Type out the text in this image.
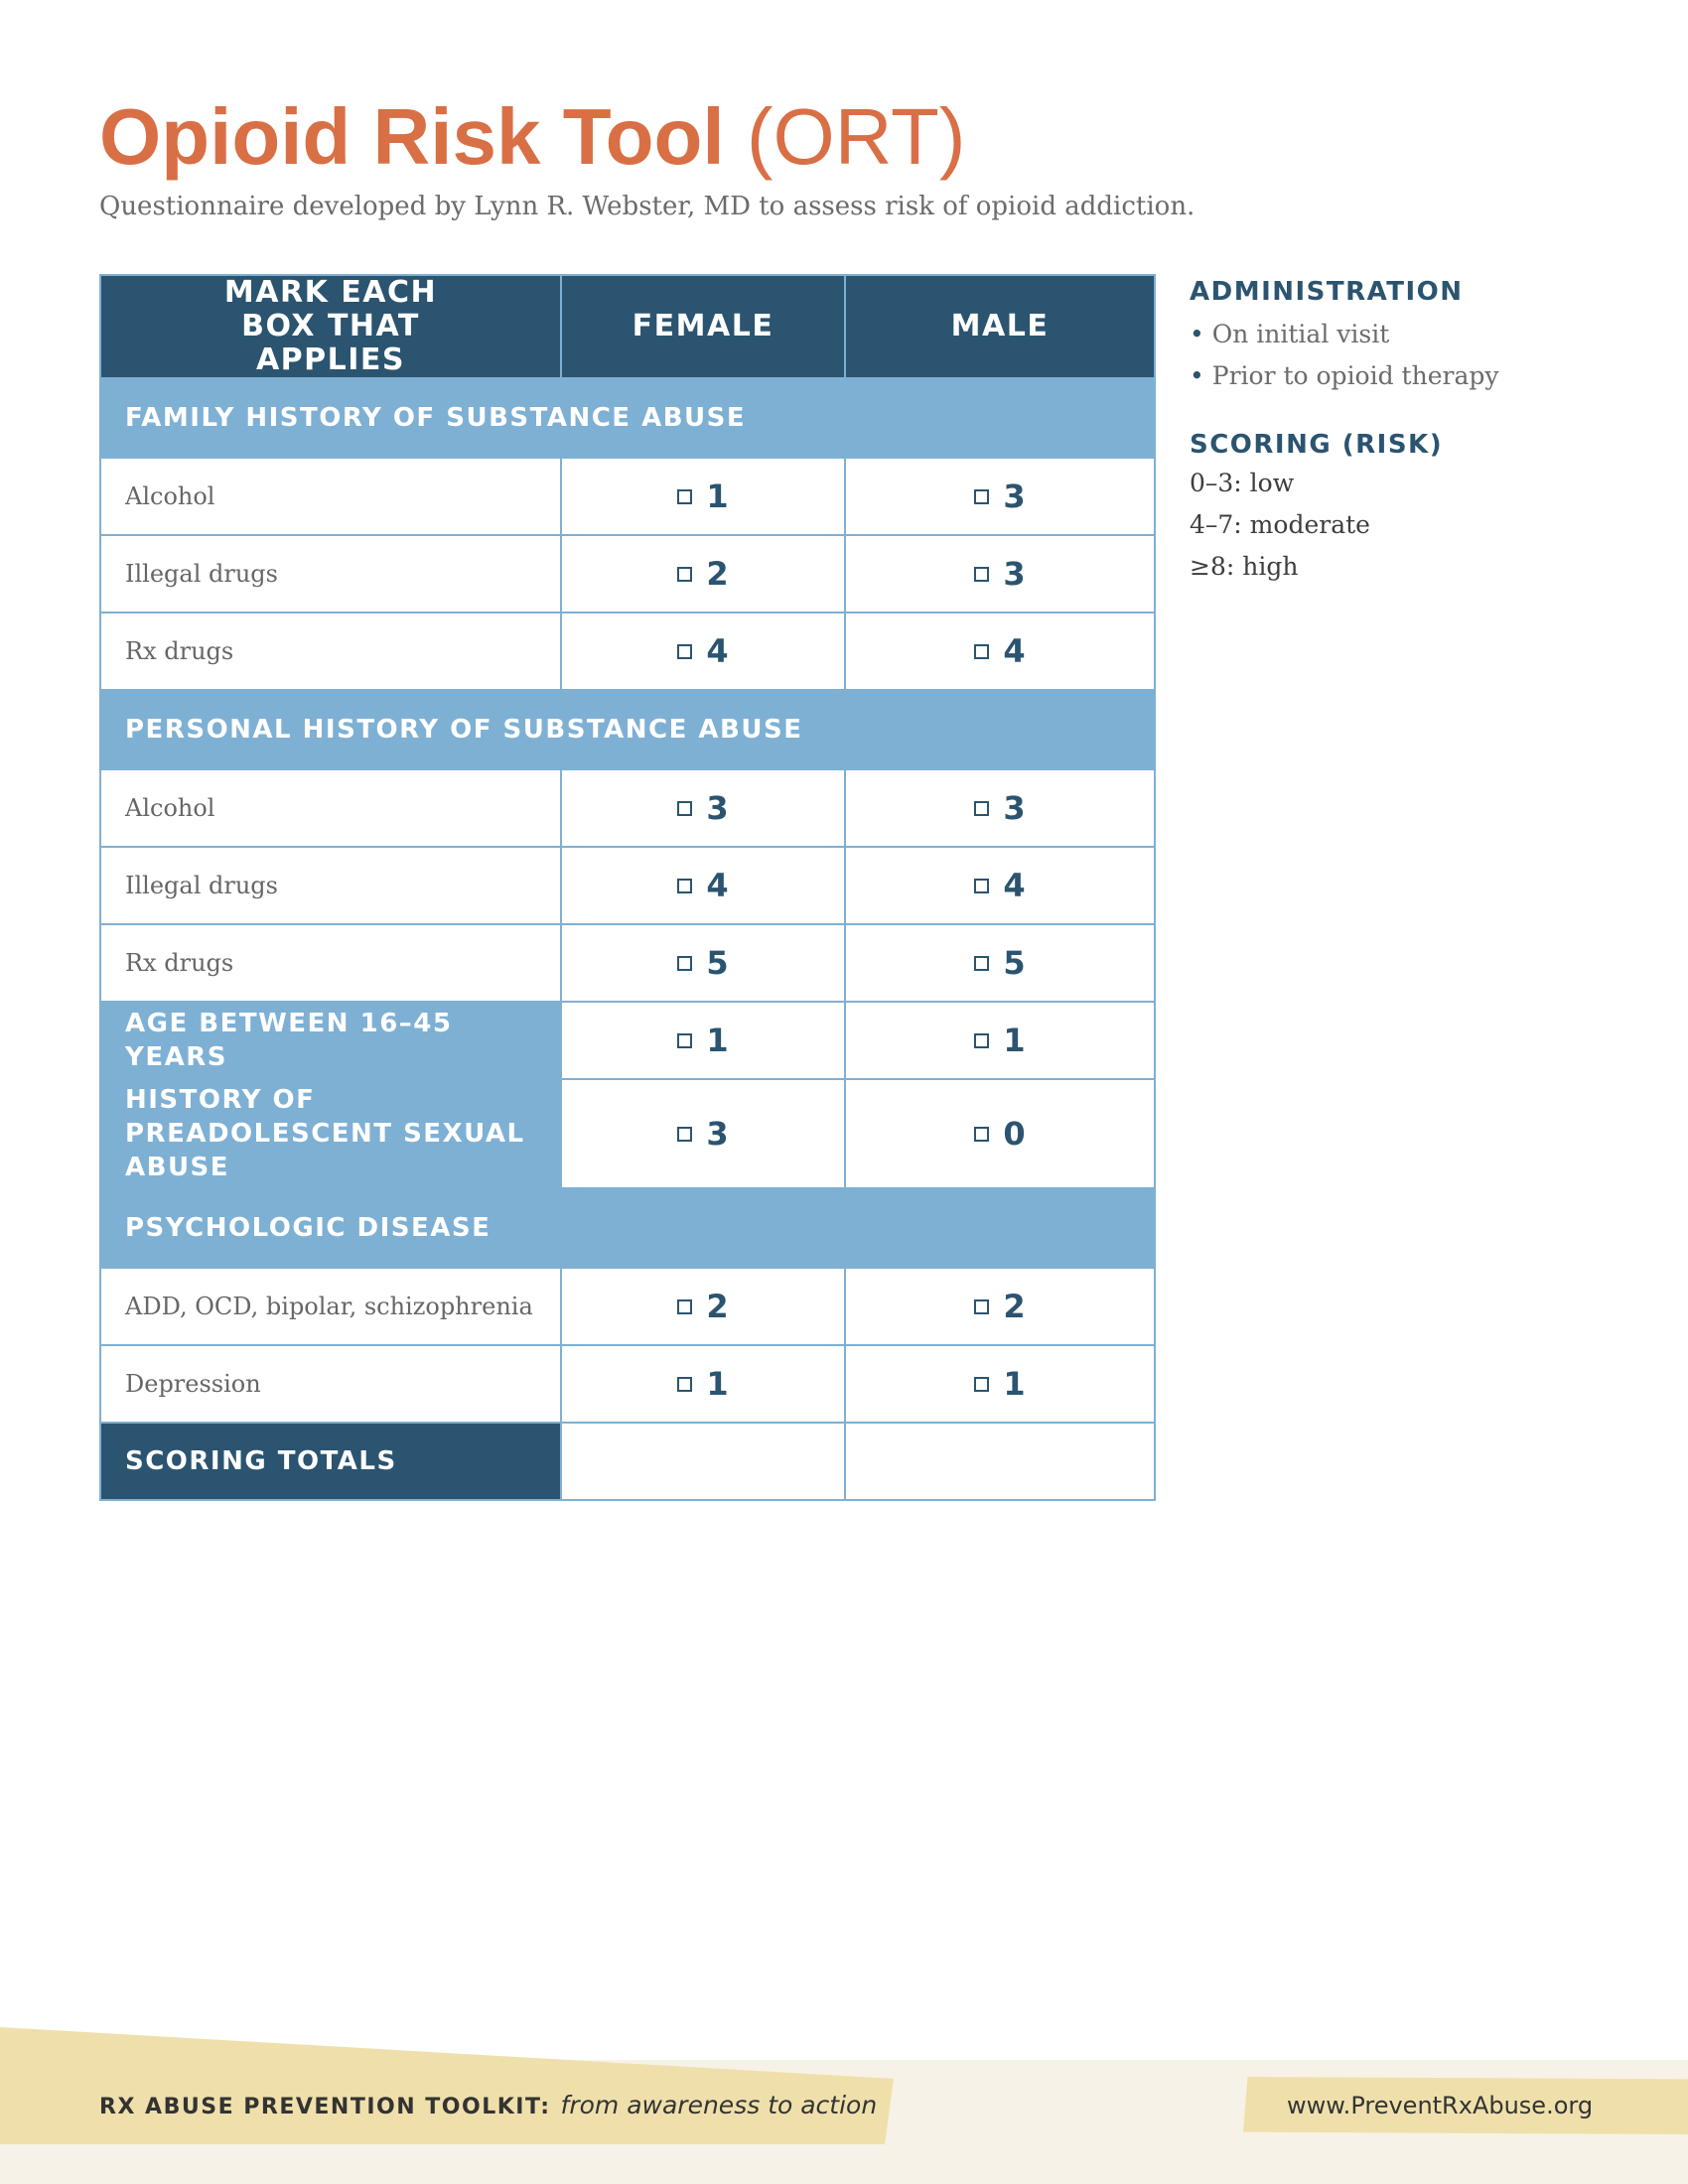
Opioid Risk Tool (ORT)

Questionnaire developed by Lynn R. Webster, MD to assess risk of opioid addiction.

MARK EACH BOX THAT APPLIES	FEMALE	MALE
FAMILY HISTORY OF SUBSTANCE ABUSE		
Alcohol	1	3
Illegal drugs	2	3
Rx drugs	4	4
PERSONAL HISTORY OF SUBSTANCE ABUSE		
Alcohol	3	3
Illegal drugs	4	4
Rx drugs	5	5
AGE BETWEEN 16–45 YEARS	1	1
HISTORY OF PREADOLESCENT SEXUAL ABUSE	3	0
PSYCHOLOGIC DISEASE		
ADD, OCD, bipolar, schizophrenia	2	2
Depression	1	1
SCORING TOTALS		
ADMINISTRATION
• On initial visit
• Prior to opioid therapy
SCORING (RISK)

0–3: low

4–7: moderate

≥8: high

RX ABUSE PREVENTION TOOLKIT: from awareness to action	www.PreventRxAbuse.org
